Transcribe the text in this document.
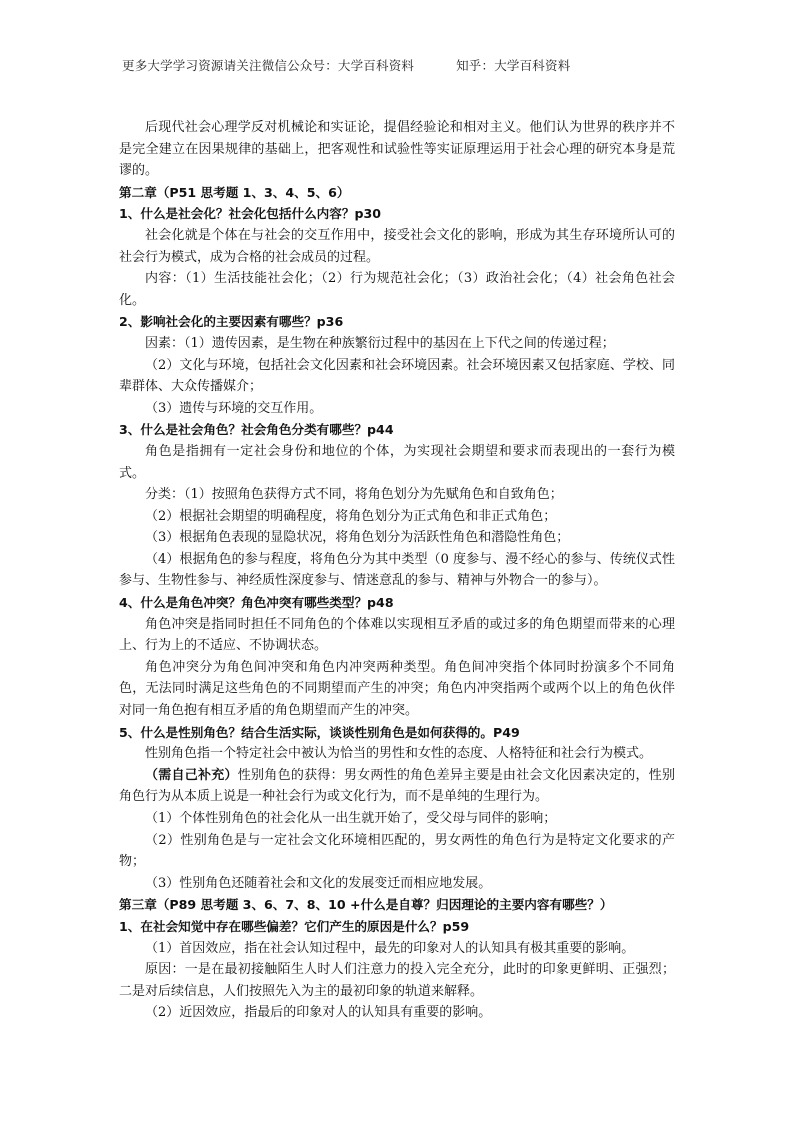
更多大学学习资源请关注微信公众号：大学百科资料	知乎：大学百科资料

后现代社会心理学反对机械论和实证论，提倡经验论和相对主义。他们认为世界的秩序并不是完全建立在因果规律的基础上，把客观性和试验性等实证原理运用于社会心理的研究本身是荒谬的。

第二章（P51 思考题 1、3、4、5、6）

1、什么是社会化？社会化包括什么内容？p30

社会化就是个体在与社会的交互作用中，接受社会文化的影响，形成为其生存环境所认可的社会行为模式，成为合格的社会成员的过程。

内容：（1）生活技能社会化；（2）行为规范社会化；（3）政治社会化；（4）社会角色社会化。

2、影响社会化的主要因素有哪些？p36

因素：（1）遗传因素，是生物在种族繁衍过程中的基因在上下代之间的传递过程；

（2）文化与环境，包括社会文化因素和社会环境因素。社会环境因素又包括家庭、学校、同辈群体、大众传播媒介；

（3）遗传与环境的交互作用。

3、什么是社会角色？社会角色分类有哪些？p44

角色是指拥有一定社会身份和地位的个体，为实现社会期望和要求而表现出的一套行为模式。

分类：（1）按照角色获得方式不同，将角色划分为先赋角色和自致角色；

（2）根据社会期望的明确程度，将角色划分为正式角色和非正式角色；

（3）根据角色表现的显隐状况，将角色划分为活跃性角色和潜隐性角色；

（4）根据角色的参与程度，将角色分为其中类型（0 度参与、漫不经心的参与、传统仪式性参与、生物性参与、神经质性深度参与、情迷意乱的参与、精神与外物合一的参与）。

4、什么是角色冲突？角色冲突有哪些类型？p48

角色冲突是指同时担任不同角色的个体难以实现相互矛盾的或过多的角色期望而带来的心理上、行为上的不适应、不协调状态。

角色冲突分为角色间冲突和角色内冲突两种类型。角色间冲突指个体同时扮演多个不同角色，无法同时满足这些角色的不同期望而产生的冲突；角色内冲突指两个或两个以上的角色伙伴对同一角色抱有相互矛盾的角色期望而产生的冲突。

5、什么是性别角色？结合生活实际，谈谈性别角色是如何获得的。P49

性别角色指一个特定社会中被认为恰当的男性和女性的态度、人格特征和社会行为模式。

（需自己补充）性别角色的获得：男女两性的角色差异主要是由社会文化因素决定的，性别角色行为从本质上说是一种社会行为或文化行为，而不是单纯的生理行为。

（1）个体性别角色的社会化从一出生就开始了，受父母与同伴的影响；

（2）性别角色是与一定社会文化环境相匹配的，男女两性的角色行为是特定文化要求的产物；

（3）性别角色还随着社会和文化的发展变迁而相应地发展。

第三章（P89 思考题 3、6、7、8、10 +什么是自尊？归因理论的主要内容有哪些？）

1、在社会知觉中存在哪些偏差？它们产生的原因是什么？p59

（1）首因效应，指在社会认知过程中，最先的印象对人的认知具有极其重要的影响。

原因：一是在最初接触陌生人时人们注意力的投入完全充分，此时的印象更鲜明、正强烈；二是对后续信息，人们按照先入为主的最初印象的轨道来解释。

（2）近因效应，指最后的印象对人的认知具有重要的影响。
